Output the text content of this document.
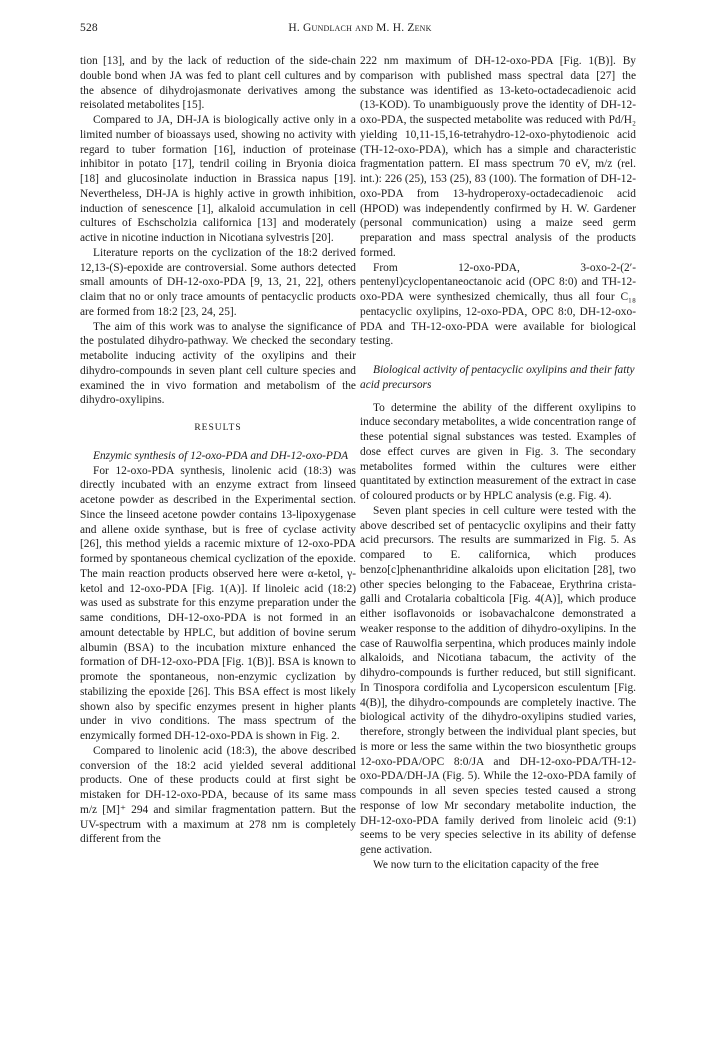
528	H. Gundlach and M. H. Zenk

tion [13], and by the lack of reduction of the side-chain double bond when JA was fed to plant cell cultures and by the absence of dihydrojasmonate derivatives among the reisolated metabolites [15].

Compared to JA, DH-JA is biologically active only in a limited number of bioassays used, showing no activity with regard to tuber formation [16], induction of proteinase inhibitor in potato [17], tendril coiling in Bryonia dioica [18] and glucosinolate induction in Brassica napus [19]. Nevertheless, DH-JA is highly active in growth inhibition, induction of senescence [1], alkaloid accumulation in cell cultures of Eschscholzia californica [13] and moderately active in nicotine induction in Nicotiana sylvestris [20].

Literature reports on the cyclization of the 18:2 derived 12,13-(S)-epoxide are controversial. Some authors detected small amounts of DH-12-oxo-PDA [9, 13, 21, 22], others claim that no or only trace amounts of pentacyclic products are formed from 18:2 [23, 24, 25].

The aim of this work was to analyse the significance of the postulated dihydro-pathway. We checked the secondary metabolite inducing activity of the oxylipins and their dihydro-compounds in seven plant cell culture species and examined the in vivo formation and metabolism of the dihydro-oxylipins.

RESULTS

Enzymic synthesis of 12-oxo-PDA and DH-12-oxo-PDA

For 12-oxo-PDA synthesis, linolenic acid (18:3) was directly incubated with an enzyme extract from linseed acetone powder as described in the Experimental section. Since the linseed acetone powder contains 13-lipoxygenase and allene oxide synthase, but is free of cyclase activity [26], this method yields a racemic mixture of 12-oxo-PDA formed by spontaneous chemical cyclization of the epoxide. The main reaction products observed here were α-ketol, γ-ketol and 12-oxo-PDA [Fig. 1(A)]. If linoleic acid (18:2) was used as substrate for this enzyme preparation under the same conditions, DH-12-oxo-PDA is not formed in an amount detectable by HPLC, but addition of bovine serum albumin (BSA) to the incubation mixture enhanced the formation of DH-12-oxo-PDA [Fig. 1(B)]. BSA is known to promote the spontaneous, non-enzymic cyclization by stabilizing the epoxide [26]. This BSA effect is most likely shown also by specific enzymes present in higher plants under in vivo conditions. The mass spectrum of the enzymically formed DH-12-oxo-PDA is shown in Fig. 2.

Compared to linolenic acid (18:3), the above described conversion of the 18:2 acid yielded several additional products. One of these products could at first sight be mistaken for DH-12-oxo-PDA, because of its same mass m/z [M]⁺ 294 and similar fragmentation pattern. But the UV-spectrum with a maximum at 278 nm is completely different from the

222 nm maximum of DH-12-oxo-PDA [Fig. 1(B)]. By comparison with published mass spectral data [27] the substance was identified as 13-keto-octadecadienoic acid (13-KOD). To unambiguously prove the identity of DH-12-oxo-PDA, the suspected metabolite was reduced with Pd/H₂ yielding 10,11-15,16-tetrahydro-12-oxo-phytodienoic acid (TH-12-oxo-PDA), which has a simple and characteristic fragmentation pattern. EI mass spectrum 70 eV, m/z (rel. int.): 226 (25), 153 (25), 83 (100). The formation of DH-12-oxo-PDA from 13-hydroperoxy-octadecadienoic acid (HPOD) was independently confirmed by H. W. Gardener (personal communication) using a maize seed germ preparation and mass spectral analysis of the products formed.

From 12-oxo-PDA, 3-oxo-2-(2′-pentenyl)cyclopentaneoctanoic acid (OPC 8:0) and TH-12-oxo-PDA were synthesized chemically, thus all four C₁₈ pentacyclic oxylipins, 12-oxo-PDA, OPC 8:0, DH-12-oxo-PDA and TH-12-oxo-PDA were available for biological testing.

Biological activity of pentacyclic oxylipins and their fatty acid precursors

To determine the ability of the different oxylipins to induce secondary metabolites, a wide concentration range of these potential signal substances was tested. Examples of dose effect curves are given in Fig. 3. The secondary metabolites formed within the cultures were either quantitated by extinction measurement of the extract in case of coloured products or by HPLC analysis (e.g. Fig. 4).

Seven plant species in cell culture were tested with the above described set of pentacyclic oxylipins and their fatty acid precursors. The results are summarized in Fig. 5. As compared to E. californica, which produces benzo[c]phenanthridine alkaloids upon elicitation [28], two other species belonging to the Fabaceae, Erythrina crista-galli and Crotalaria cobalticola [Fig. 4(A)], which produce either isoflavonoids or isobavachalcone demonstrated a weaker response to the addition of dihydro-oxylipins. In the case of Rauwolfia serpentina, which produces mainly indole alkaloids, and Nicotiana tabacum, the activity of the dihydro-compounds is further reduced, but still significant. In Tinospora cordifolia and Lycopersicon esculentum [Fig. 4(B)], the dihydro-compounds are completely inactive. The biological activity of the dihydro-oxylipins studied varies, therefore, strongly between the individual plant species, but is more or less the same within the two biosynthetic groups 12-oxo-PDA/OPC 8:0/JA and DH-12-oxo-PDA/TH-12-oxo-PDA/DH-JA (Fig. 5). While the 12-oxo-PDA family of compounds in all seven species tested caused a strong response of low Mr secondary metabolite induction, the DH-12-oxo-PDA family derived from linoleic acid (9:1) seems to be very species selective in its ability of defense gene activation.

We now turn to the elicitation capacity of the free
